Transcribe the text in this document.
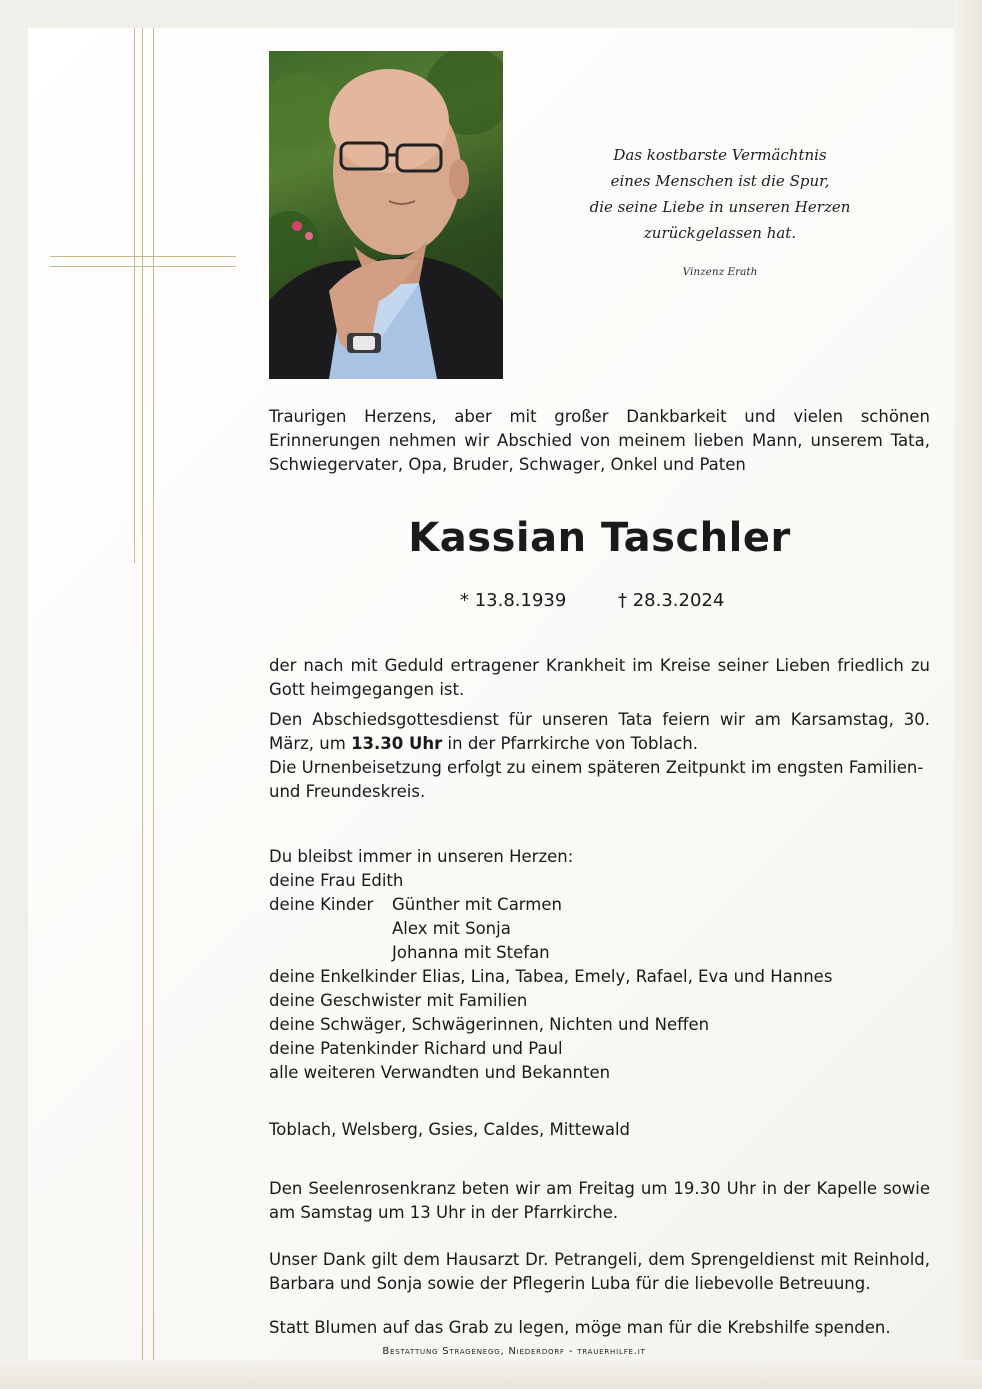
Das kostbarste Vermächtnis
eines Menschen ist die Spur,
die seine Liebe in unseren Herzen
zurückgelassen hat.
Vinzenz Erath

Traurigen Herzens, aber mit großer Dankbarkeit und vielen schönen Erinnerungen nehmen wir Abschied von meinem lieben Mann, unserem Tata, Schwiegervater, Opa, Bruder, Schwager, Onkel und Paten

Kassian Taschler
* 13.8.1939	† 28.3.2024

der nach mit Geduld ertragener Krankheit im Kreise seiner Lieben friedlich zu Gott heimgegangen ist.

Den Abschiedsgottesdienst für unseren Tata feiern wir am Karsamstag, 30. März, um 13.30 Uhr in der Pfarrkirche von Toblach.

Die Urnenbeisetzung erfolgt zu einem späteren Zeitpunkt im engsten Familien- und Freundeskreis.

Du bleibst immer in unseren Herzen:
deine Frau Edith
deine Kinder	Günther mit Carmen
Alex mit Sonja
Johanna mit Stefan
deine Enkelkinder Elias, Lina, Tabea, Emely, Rafael, Eva und Hannes
deine Geschwister mit Familien
deine Schwäger, Schwägerinnen, Nichten und Neffen
deine Patenkinder Richard und Paul
alle weiteren Verwandten und Bekannten

Toblach, Welsberg, Gsies, Caldes, Mittewald

Den Seelenrosenkranz beten wir am Freitag um 19.30 Uhr in der Kapelle sowie am Samstag um 13 Uhr in der Pfarrkirche.

Unser Dank gilt dem Hausarzt Dr. Petrangeli, dem Sprengeldienst mit Reinhold, Barbara und Sonja sowie der Pflegerin Luba für die liebevolle Betreuung.

Statt Blumen auf das Grab zu legen, möge man für die Krebshilfe spenden.

Bestattung Stragenegg, Niederdorf - trauerhilfe.it
